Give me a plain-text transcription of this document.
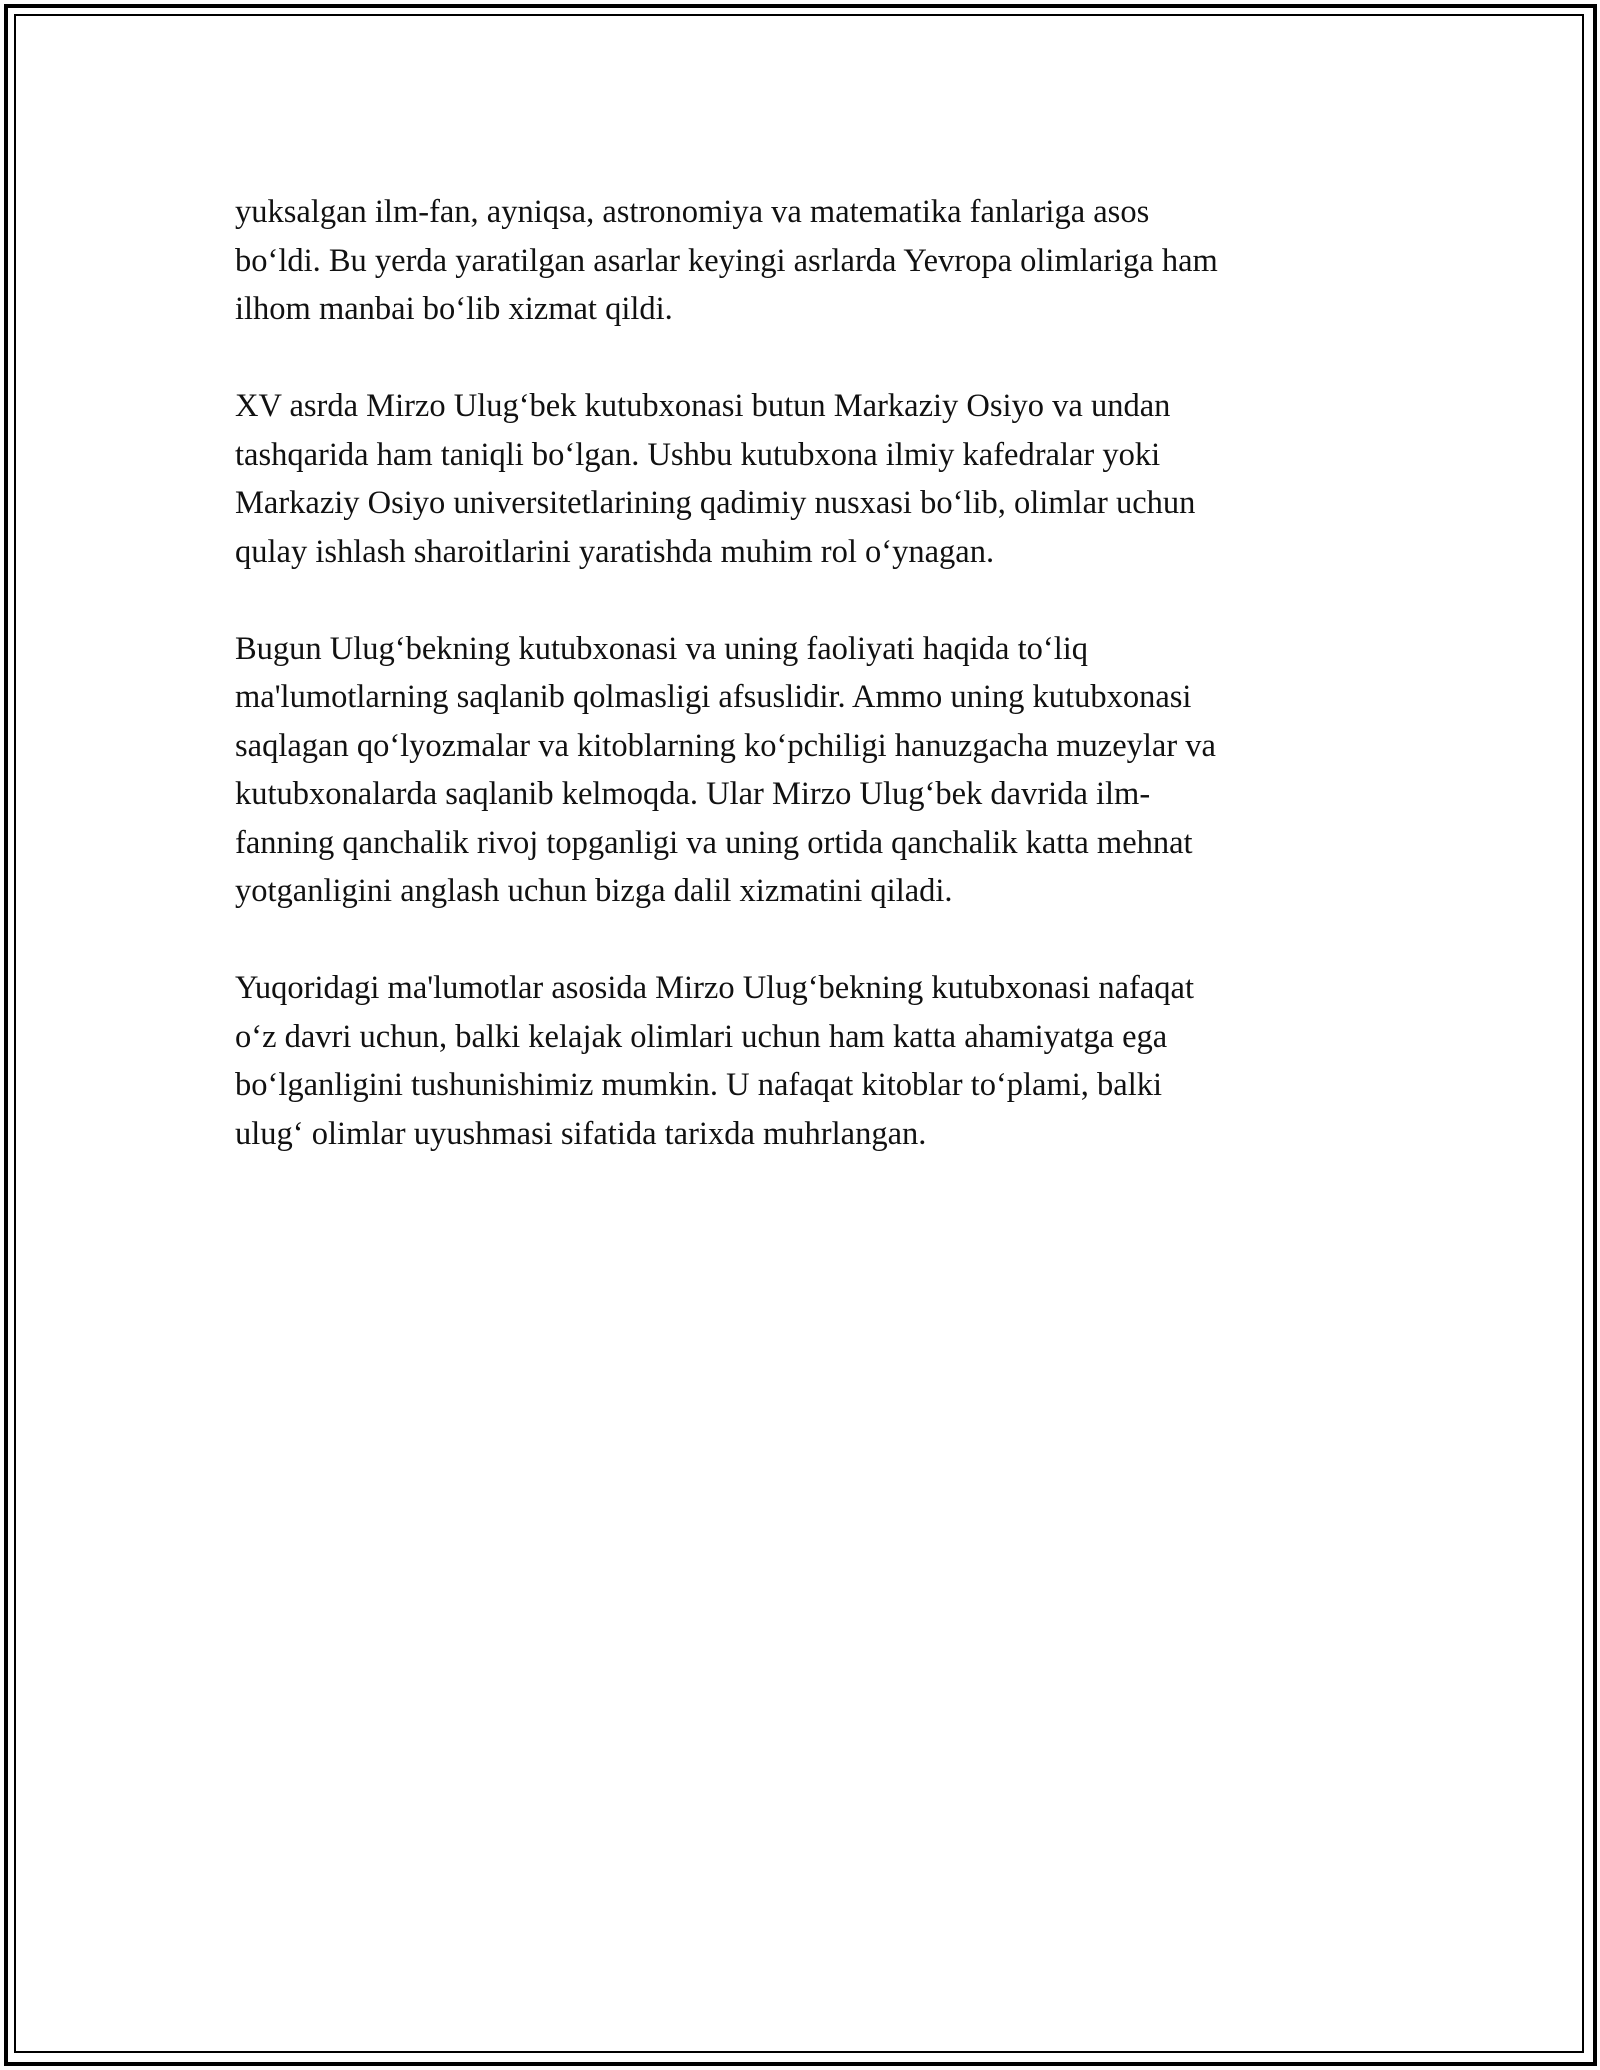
yuksalgan ilm-fan, ayniqsa, astronomiya va matematika fanlariga asos
bo‘ldi. Bu yerda yaratilgan asarlar keyingi asrlarda Yevropa olimlariga ham
ilhom manbai bo‘lib xizmat qildi.

XV asrda Mirzo Ulug‘bek kutubxonasi butun Markaziy Osiyo va undan
tashqarida ham taniqli bo‘lgan. Ushbu kutubxona ilmiy kafedralar yoki
Markaziy Osiyo universitetlarining qadimiy nusxasi bo‘lib, olimlar uchun
qulay ishlash sharoitlarini yaratishda muhim rol o‘ynagan.

Bugun Ulug‘bekning kutubxonasi va uning faoliyati haqida to‘liq
ma'lumotlarning saqlanib qolmasligi afsuslidir. Ammo uning kutubxonasi
saqlagan qo‘lyozmalar va kitoblarning ko‘pchiligi hanuzgacha muzeylar va
kutubxonalarda saqlanib kelmoqda. Ular Mirzo Ulug‘bek davrida ilm-
fanning qanchalik rivoj topganligi va uning ortida qanchalik katta mehnat
yotganligini anglash uchun bizga dalil xizmatini qiladi.

Yuqoridagi ma'lumotlar asosida Mirzo Ulug‘bekning kutubxonasi nafaqat
o‘z davri uchun, balki kelajak olimlari uchun ham katta ahamiyatga ega
bo‘lganligini tushunishimiz mumkin. U nafaqat kitoblar to‘plami, balki
ulug‘ olimlar uyushmasi sifatida tarixda muhrlangan.
